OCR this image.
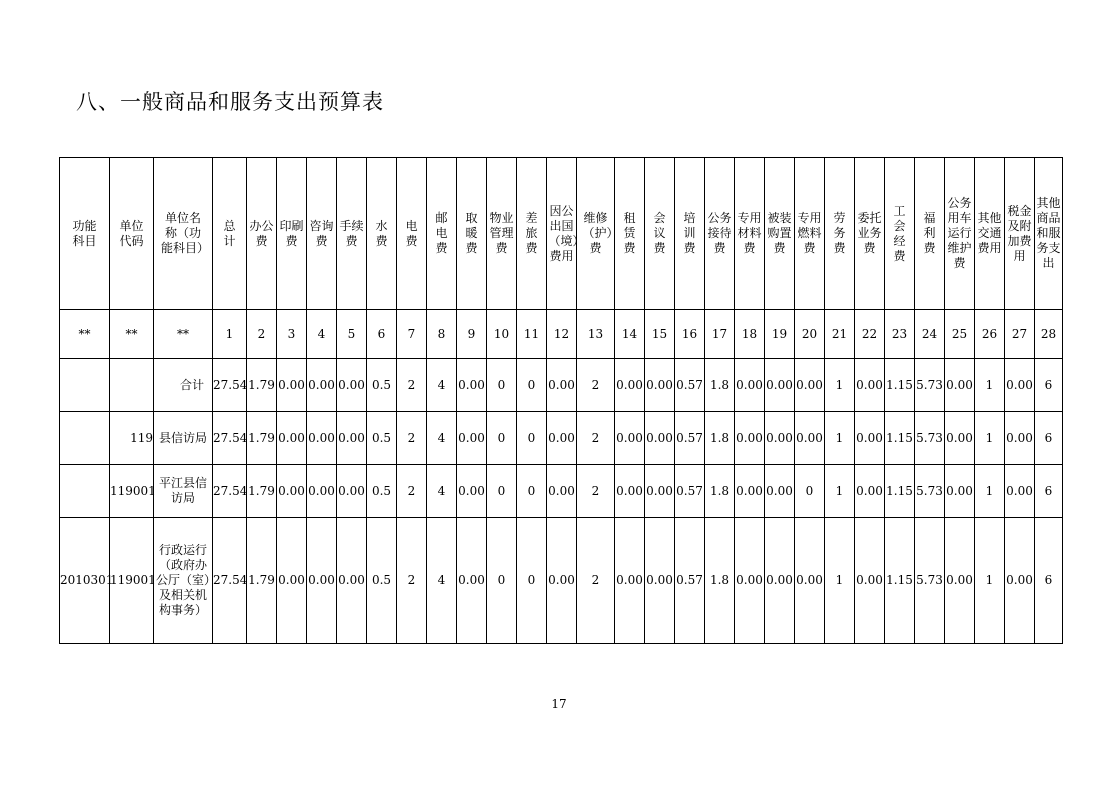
八、一般商品和服务支出预算表
功能科目	单位代码	单位名称（功能科目）	总计	办公费	印刷费	咨询费	手续费	水费	电费	邮电费	取暖费	物业管理费	差旅费	因公出国（境）费用	维修（护）费	租赁费	会议费	培训费	公务接待费	专用材料费	被装购置费	专用燃料费	劳务费	委托业务费	工会经费	福利费	公务用车运行维护费	其他交通费用	税金及附加费用	其他商品和服务支出
**	**	**	1	2	3	4	5	6	7	8	9	10	11	12	13	14	15	16	17	18	19	20	21	22	23	24	25	26	27	28
		合计	27.54	1.79	0.00	0.00	0.00	0.5	2	4	0.00	0	0	0.00	2	0.00	0.00	0.57	1.8	0.00	0.00	0.00	1	0.00	1.15	5.73	0.00	1	0.00	6
	119	县信访局	27.54	1.79	0.00	0.00	0.00	0.5	2	4	0.00	0	0	0.00	2	0.00	0.00	0.57	1.8	0.00	0.00	0.00	1	0.00	1.15	5.73	0.00	1	0.00	6
	119001	平江县信访局	27.54	1.79	0.00	0.00	0.00	0.5	2	4	0.00	0	0	0.00	2	0.00	0.00	0.57	1.8	0.00	0.00	0	1	0.00	1.15	5.73	0.00	1	0.00	6
2010301	119001	行政运行（政府办公厅（室）及相关机构事务）	27.54	1.79	0.00	0.00	0.00	0.5	2	4	0.00	0	0	0.00	2	0.00	0.00	0.57	1.8	0.00	0.00	0.00	1	0.00	1.15	5.73	0.00	1	0.00	6
17
